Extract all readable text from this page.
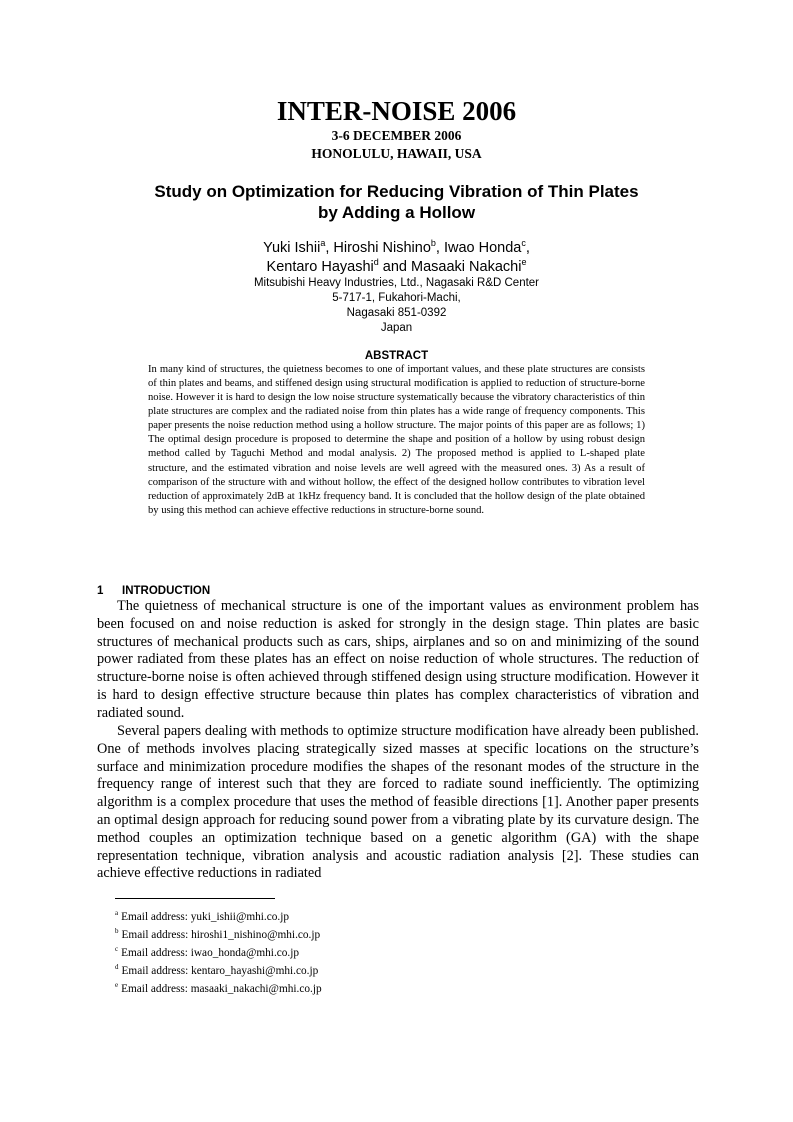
INTER-NOISE 2006
3-6 DECEMBER 2006
HONOLULU, HAWAII, USA
Study on Optimization for Reducing Vibration of Thin Plates
by Adding a Hollow
Yuki Ishii$^a$, Hiroshi Nishino$^b$, Iwao Honda$^c$,
Kentaro Hayashi$^d$ and Masaaki Nakachi$^e$
Mitsubishi Heavy Industries, Ltd., Nagasaki R&D Center
5-717-1, Fukahori-Machi,
Nagasaki 851-0392
Japan
ABSTRACT

In many kind of structures, the quietness becomes to one of important values, and these plate structures are consists of thin plates and beams, and stiffened design using structural modification is applied to reduction of structure-borne noise. However it is hard to design the low noise structure systematically because the vibratory characteristics of thin plate structures are complex and the radiated noise from thin plates has a wide range of frequency components. This paper presents the noise reduction method using a hollow structure. The major points of this paper are as follows; 1) The optimal design procedure is proposed to determine the shape and position of a hollow by using robust design method called by Taguchi Method and modal analysis. 2) The proposed method is applied to L-shaped plate structure, and the estimated vibration and noise levels are well agreed with the measured ones. 3) As a result of comparison of the structure with and without hollow, the effect of the designed hollow contributes to vibration level reduction of approximately 2dB at 1kHz frequency band. It is concluded that the hollow design of the plate obtained by using this method can achieve effective reductions in structure-borne sound.

1 INTRODUCTION

The quietness of mechanical structure is one of the important values as environment problem has been focused on and noise reduction is asked for strongly in the design stage. Thin plates are basic structures of mechanical products such as cars, ships, airplanes and so on and minimizing of the sound power radiated from these plates has an effect on noise reduction of whole structures. The reduction of structure-borne noise is often achieved through stiffened design using structure modification. However it is hard to design effective structure because thin plates has complex characteristics of vibration and radiated sound.

Several papers dealing with methods to optimize structure modification have already been published. One of methods involves placing strategically sized masses at specific locations on the structure’s surface and minimization procedure modifies the shapes of the resonant modes of the structure in the frequency range of interest such that they are forced to radiate sound inefficiently. The optimizing algorithm is a complex procedure that uses the method of feasible directions [1]. Another paper presents an optimal design approach for reducing sound power from a vibrating plate by its curvature design. The method couples an optimization technique based on a genetic algorithm (GA) with the shape representation technique, vibration analysis and acoustic radiation analysis [2]. These studies can achieve effective reductions in radiated

$^a$ Email address: yuki_ishii@mhi.co.jp
$^b$ Email address: hiroshi1_nishino@mhi.co.jp
$^c$ Email address: iwao_honda@mhi.co.jp
$^d$ Email address: kentaro_hayashi@mhi.co.jp
$^e$ Email address: masaaki_nakachi@mhi.co.jp
